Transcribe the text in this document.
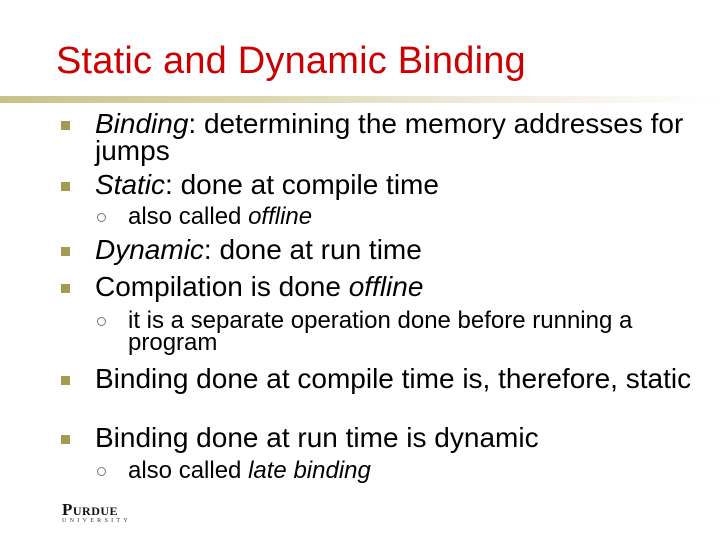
Static and Dynamic Binding
Binding: determining the memory addresses for jumps
Static: done at compile time
also called offline
Dynamic: done at run time
Compilation is done offline
it is a separate operation done before running a program
Binding done at compile time is, therefore, static
Binding done at run time is dynamic
also called late binding
Purdue
UNIVERSITY
